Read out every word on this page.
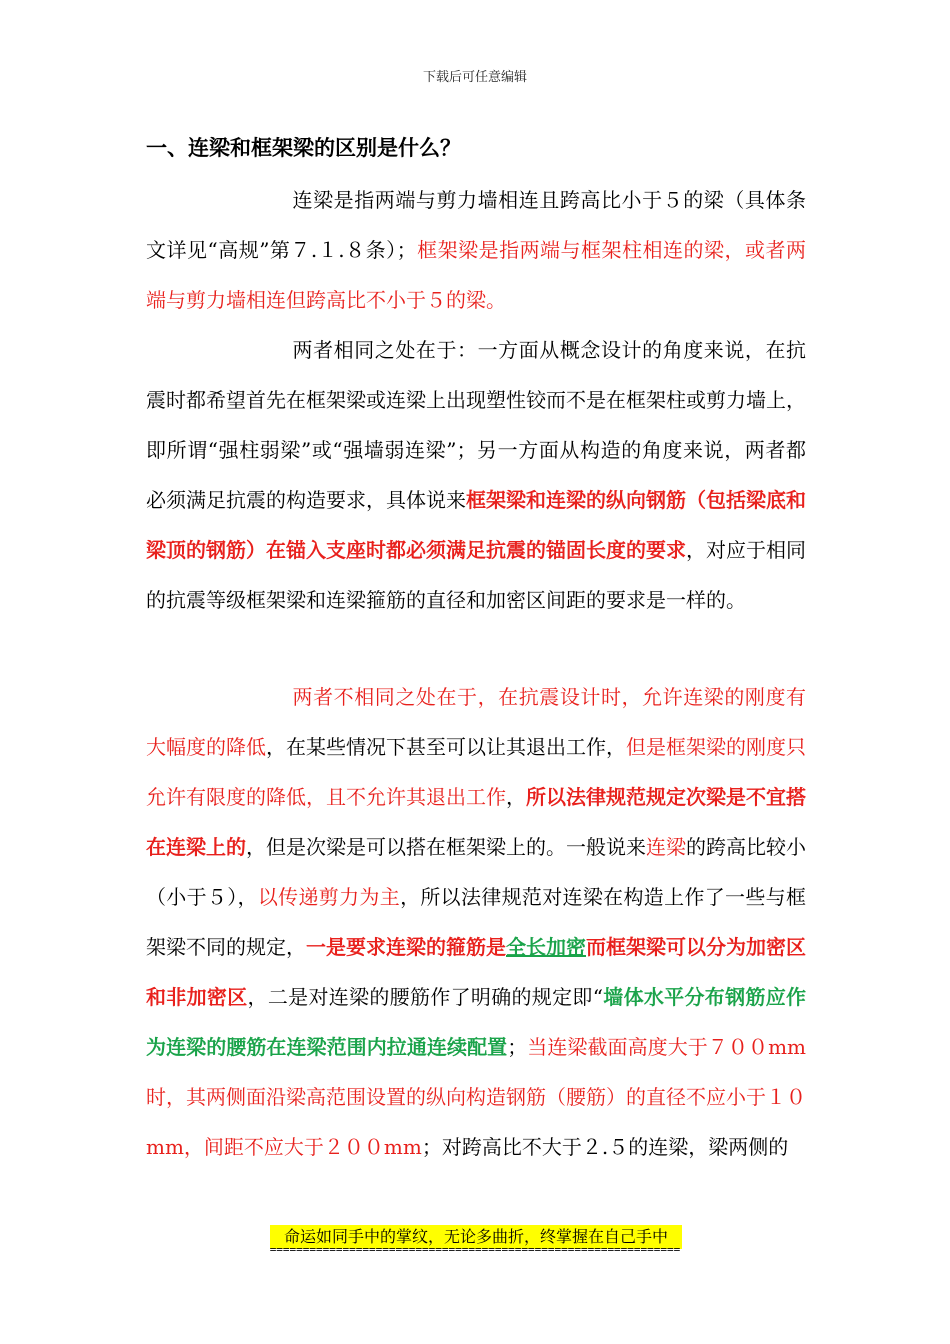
下载后可任意编辑
一、连梁和框架梁的区别是什么？

连梁是指两端与剪力墙相连且跨高比小于５的梁（具体条文详见“高规”第７.１.８条）；框架梁是指两端与框架柱相连的梁，或者两端与剪力墙相连但跨高比不小于５的梁。

两者相同之处在于：一方面从概念设计的角度来说，在抗震时都希望首先在框架梁或连梁上出现塑性铰而不是在框架柱或剪力墙上，即所谓“强柱弱梁”或“强墙弱连梁”；另一方面从构造的角度来说，两者都必须满足抗震的构造要求，具体说来框架梁和连梁的纵向钢筋（包括梁底和梁顶的钢筋）在锚入支座时都必须满足抗震的锚固长度的要求，对应于相同的抗震等级框架梁和连梁箍筋的直径和加密区间距的要求是一样的。

两者不相同之处在于，在抗震设计时，允许连梁的刚度有大幅度的降低，在某些情况下甚至可以让其退出工作，但是框架梁的刚度只允许有限度的降低，且不允许其退出工作，所以法律规范规定次梁是不宜搭在连梁上的，但是次梁是可以搭在框架梁上的。一般说来连梁的跨高比较小（小于５），以传递剪力为主，所以法律规范对连梁在构造上作了一些与框架梁不同的规定，一是要求连梁的箍筋是全长加密而框架梁可以分为加密区和非加密区，二是对连梁的腰筋作了明确的规定即“墙体水平分布钢筋应作为连梁的腰筋在连梁范围内拉通连续配置；当连梁截面高度大于７００mm时，其两侧面沿梁高范围设置的纵向构造钢筋（腰筋）的直径不应小于１０mm，间距不应大于２００mm；对跨高比不大于２.５的连梁，梁两侧的

命运如同手中的掌纹，无论多曲折，终掌握在自己手中
==============================================================
